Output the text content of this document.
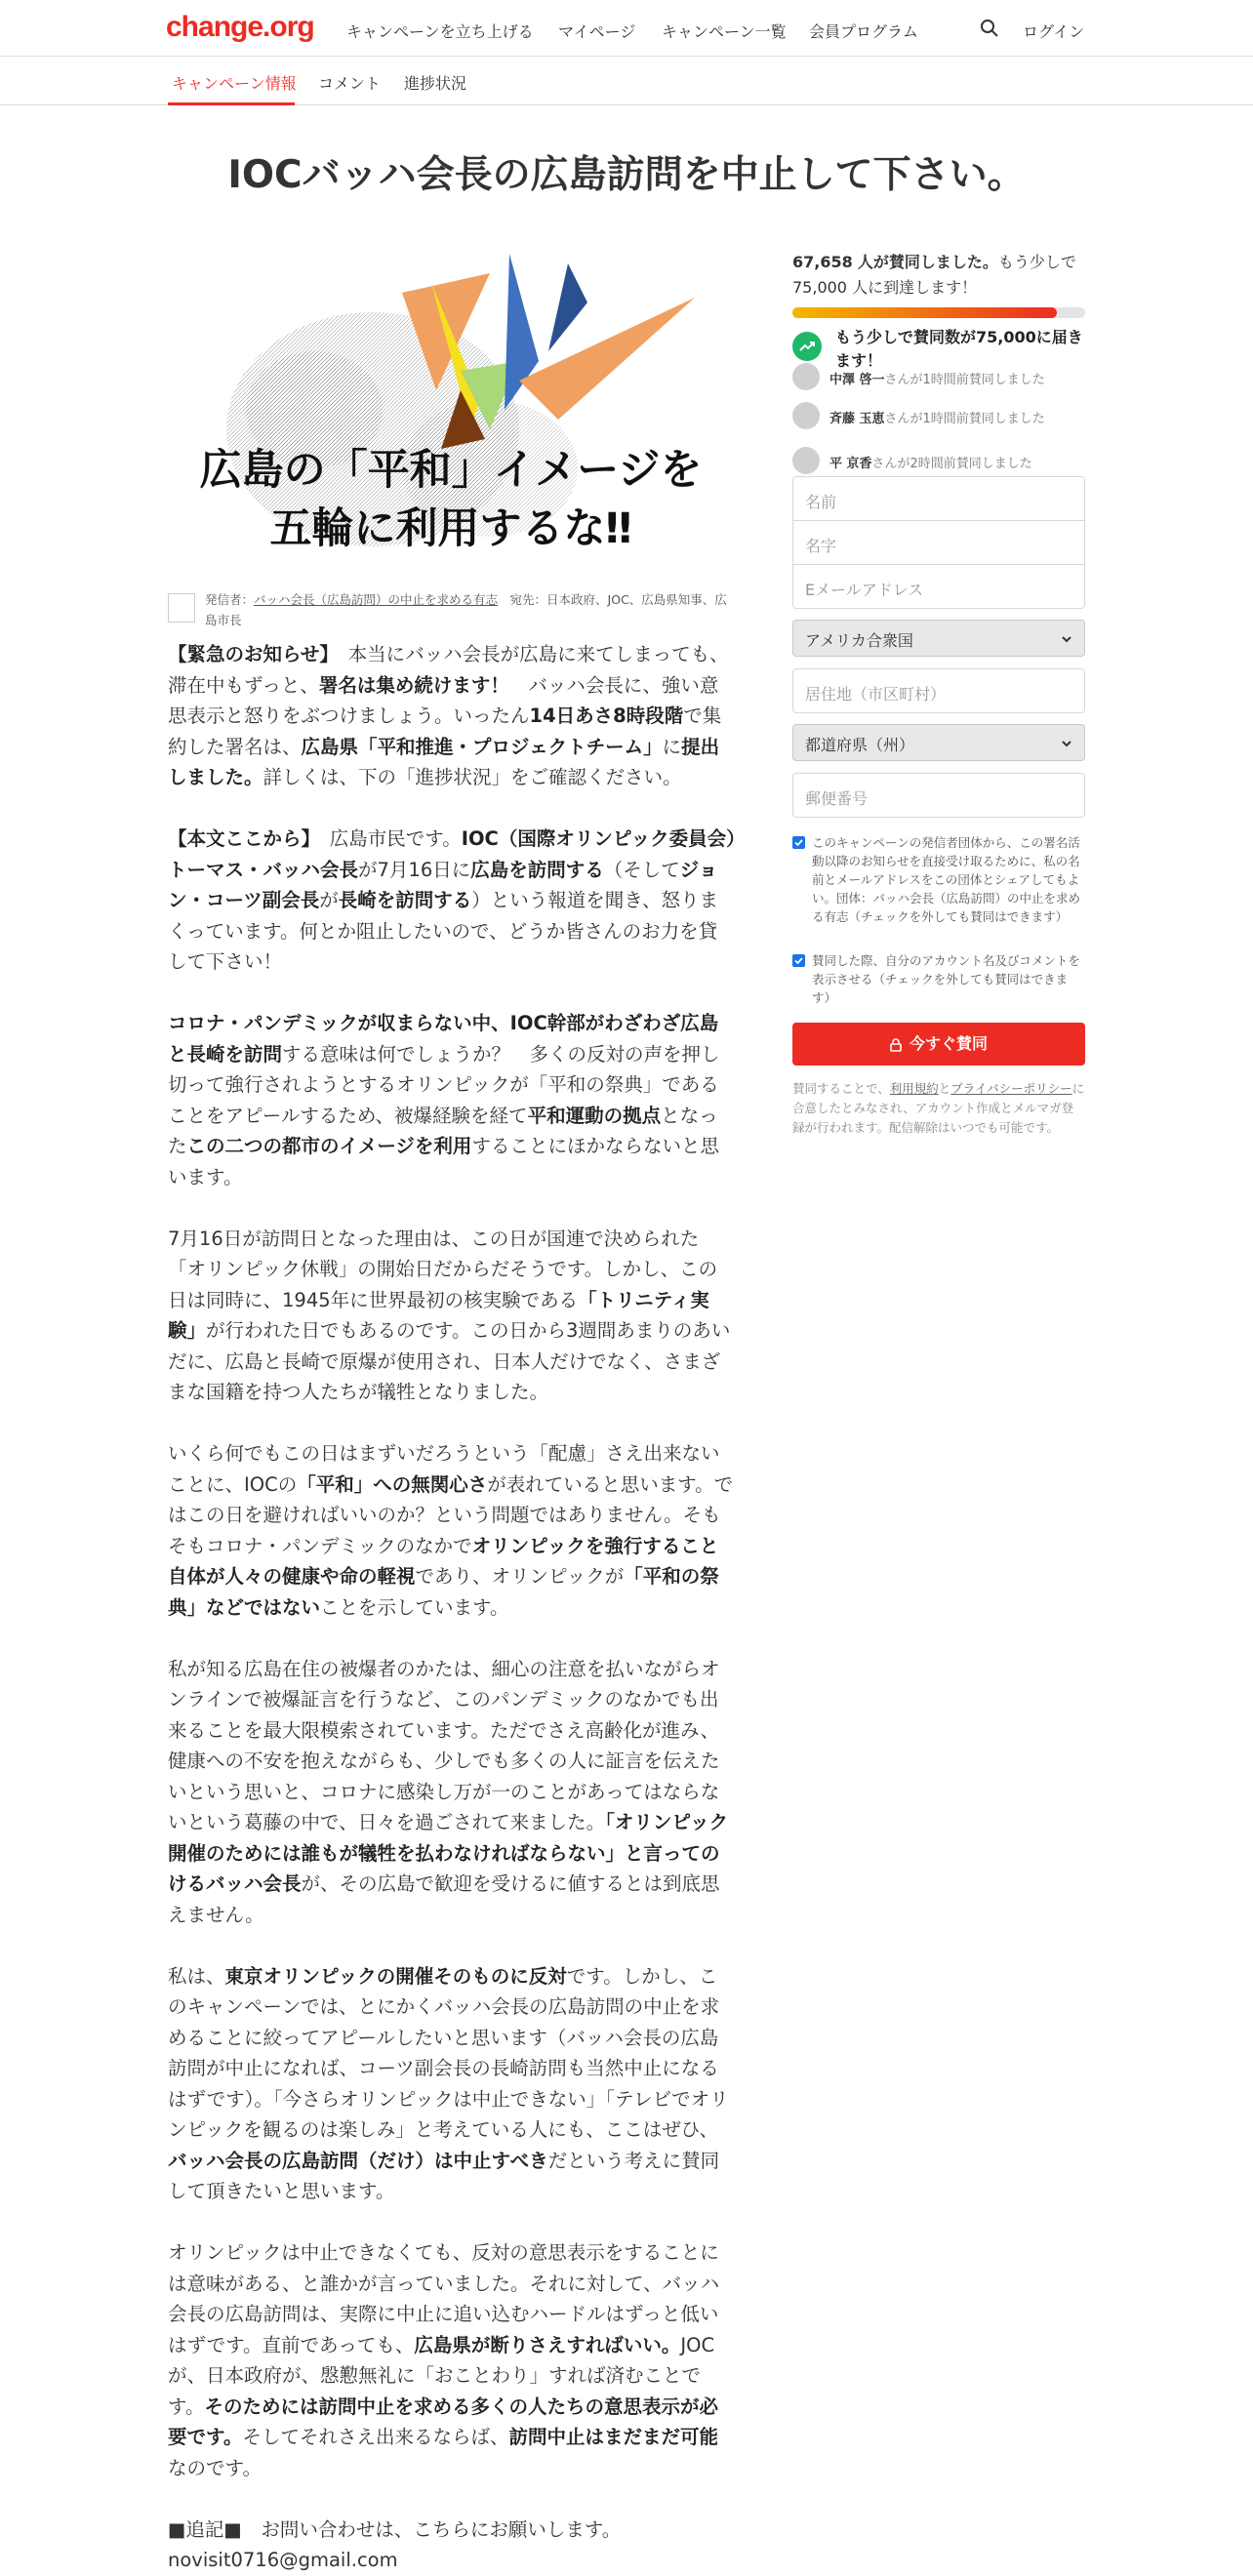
change.org キャンペーンを立ち上げる マイページ キャンペーン一覧 会員プログラム	ログイン
キャンペーン情報 コメント 進捗状況
IOCバッハ会長の広島訪問を中止して下さい。
広島の「平和」イメージを
五輪に利用するな‼
発信者：バッハ会長（広島訪問）の中止を求める有志　 宛先：日本政府、JOC、広島県知事、広島市長

【緊急のお知らせ】　本当にバッハ会長が広島に来てしまっても、滞在中もずっと、署名は集め続けます！　バッハ会長に、強い意思表示と怒りをぶつけましょう。いったん14日あさ8時段階で集約した署名は、広島県「平和推進・プロジェクトチーム」に提出しました。詳しくは、下の「進捗状況」をご確認ください。

【本文ここから】　広島市民です。IOC（国際オリンピック委員会）トーマス・バッハ会長が7月16日に広島を訪問する（そしてジョン・コーツ副会長が長崎を訪問する）という報道を聞き、怒りまくっています。何とか阻止したいので、どうか皆さんのお力を貸して下さい！

コロナ・パンデミックが収まらない中、IOC幹部がわざわざ広島と長崎を訪問する意味は何でしょうか？　多くの反対の声を押し切って強行されようとするオリンピックが「平和の祭典」であることをアピールするため、被爆経験を経て平和運動の拠点となったこの二つの都市のイメージを利用することにほかならないと思います。

7月16日が訪問日となった理由は、この日が国連で決められた「オリンピック休戦」の開始日だからだそうです。しかし、この日は同時に、1945年に世界最初の核実験である「トリニティ実験」が行われた日でもあるのです。この日から3週間あまりのあいだに、広島と長崎で原爆が使用され、日本人だけでなく、さまざまな国籍を持つ人たちが犠牲となりました。

いくら何でもこの日はまずいだろうという「配慮」さえ出来ないことに、IOCの「平和」への無関心さが表れていると思います。ではこの日を避ければいいのか？という問題ではありません。そもそもコロナ・パンデミックのなかでオリンピックを強行すること自体が人々の健康や命の軽視であり、オリンピックが「平和の祭典」などではないことを示しています。

私が知る広島在住の被爆者のかたは、細心の注意を払いながらオンラインで被爆証言を行うなど、このパンデミックのなかでも出来ることを最大限模索されています。ただでさえ高齢化が進み、健康への不安を抱えながらも、少しでも多くの人に証言を伝えたいという思いと、コロナに感染し万が一のことがあってはならないという葛藤の中で、日々を過ごされて来ました。「オリンピック開催のためには誰もが犠牲を払わなければならない」と言ってのけるバッハ会長が、その広島で歓迎を受けるに値するとは到底思えません。

私は、東京オリンピックの開催そのものに反対です。しかし、このキャンペーンでは、とにかくバッハ会長の広島訪問の中止を求めることに絞ってアピールしたいと思います（バッハ会長の広島訪問が中止になれば、コーツ副会長の長崎訪問も当然中止になるはずです）。「今さらオリンピックは中止できない」「テレビでオリンピックを観るのは楽しみ」と考えている人にも、ここはぜひ、バッハ会長の広島訪問（だけ）は中止すべきだという考えに賛同して頂きたいと思います。

オリンピックは中止できなくても、反対の意思表示をすることには意味がある、と誰かが言っていました。それに対して、バッハ会長の広島訪問は、実際に中止に追い込むハードルはずっと低いはずです。直前であっても、広島県が断りさえすればいい。JOCが、日本政府が、慇懃無礼に「おことわり」すれば済むことです。そのためには訪問中止を求める多くの人たちの意思表示が必要です。そしてそれさえ出来るならば、訪問中止はまだまだ可能なのです。

■追記■　お問い合わせは、こちらにお願いします。
novisit0716@gmail.com

67,658 人が賛同しました。もう少しで75,000 人に到達します！
もう少しで賛同数が75,000に届きます！
中澤 啓一さんが1時間前賛同しました
斉藤 玉恵さんが1時間前賛同しました
平 京香さんが2時間前賛同しました
名前
名字
Eメールアドレス
アメリカ合衆国
居住地（市区町村）
都道府県（州）
郵便番号
このキャンペーンの発信者団体から、この署名活動以降のお知らせを直接受け取るために、私の名前とメールアドレスをこの団体とシェアしてもよい。団体：バッハ会長（広島訪問）の中止を求める有志（チェックを外しても賛同はできます）
賛同した際、自分のアカウント名及びコメントを表示させる（チェックを外しても賛同はできます）
今すぐ賛同
賛同することで、利用規約とプライバシーポリシーに合意したとみなされ、アカウント作成とメルマガ登録が行われます。配信解除はいつでも可能です。
